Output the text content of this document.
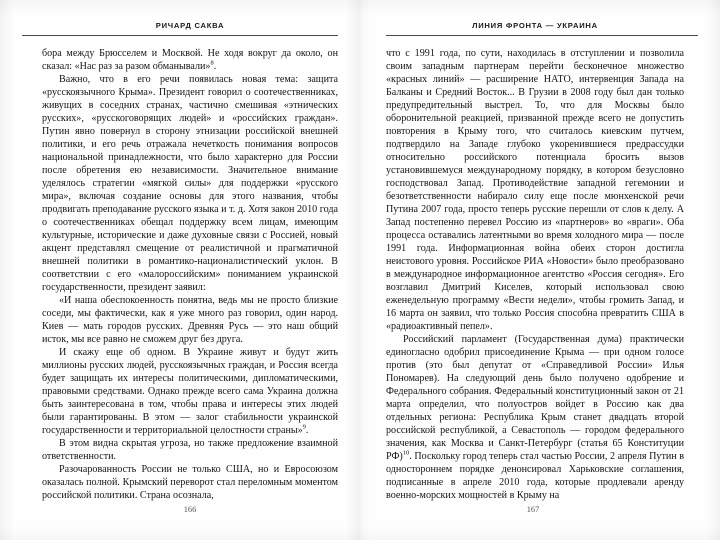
РИЧАРД САКВА

бора между Брюсселем и Москвой. Не ходя вокруг да около, он сказал: «Нас раз за разом обманывали»$^8$.

Важно, что в его речи появилась новая тема: защита «русскоязычного Крыма». Президент говорил о соотечественниках, живущих в соседних странах, частично смешивая «этнических русских», «русскоговорящих людей» и «российских граждан». Путин явно повернул в сторону этнизации российской внешней политики, и его речь отражала нечеткость понимания вопросов национальной принадлежности, что было характерно для России после обретения ею независимости. Значительное внимание уделялось стратегии «мягкой силы» для поддержки «русского мира», включая создание основы для этого названия, чтобы продвигать преподавание русского языка и т. д. Хотя закон 2010 года о соотечественниках обещал поддержку всем лицам, имеющим культурные, исторические и даже духовные связи с Россией, новый акцент представлял смещение от реалистичной и прагматичной внешней политики в романтико-националистический уклон. В соответствии с его «малороссийским» пониманием украинской государственности, президент заявил:

«И наша обеспокоенность понятна, ведь мы не просто близкие соседи, мы фактически, как я уже много раз говорил, один народ. Киев — мать городов русских. Древняя Русь — это наш общий исток, мы все равно не сможем друг без друга.

И скажу еще об одном. В Украине живут и будут жить миллионы русских людей, русскоязычных граждан, и Россия всегда будет защищать их интересы политическими, дипломатическими, правовыми средствами. Однако прежде всего сама Украина должна быть заинтересована в том, чтобы права и интересы этих людей были гарантированы. В этом — залог стабильности украинской государственности и территориальной целостности страны»$^9$.

В этом видна скрытая угроза, но также предложение взаимной ответственности.

Разочарованность России не только США, но и Евросоюзом оказалась полной. Крымский переворот стал переломным моментом российской политики. Страна осознала,

166
ЛИНИЯ ФРОНТА — УКРАИНА

что с 1991 года, по сути, находилась в отступлении и позволила своим западным партнерам перейти бесконечное множество «красных линий» — расширение НАТО, интервенция Запада на Балканы и Средний Восток... В Грузии в 2008 году был дан только предупредительный выстрел. То, что для Москвы было оборонительной реакцией, призванной прежде всего не допустить повторения в Крыму того, что считалось киевским путчем, подтвердило на Западе глубоко укоренившиеся предрассудки относительно российского потенциала бросить вызов установившемуся международному порядку, в котором безусловно господствовал Запад. Противодействие западной гегемонии и безответственности набирало силу еще после мюнхенской речи Путина 2007 года, просто теперь русские перешли от слов к делу. А Запад постепенно перевел Россию из «партнеров» во «враги». Оба процесса оставались латентными во время холодного мира — после 1991 года. Информационная война обеих сторон достигла неистового уровня. Российское РИА «Новости» было преобразовано в международное информационное агентство «Россия сегодня». Его возглавил Дмитрий Киселев, который использовал свою еженедельную программу «Вести недели», чтобы громить Запад, и 16 марта он заявил, что только Россия способна превратить США в «радиоактивный пепел».

Российский парламент (Государственная дума) практически единогласно одобрил присоединение Крыма — при одном голосе против (это был депутат от «Справедливой России» Илья Пономарев). На следующий день было получено одобрение и Федерального собрания. Федеральный конституционный закон от 21 марта определил, что полуостров войдет в Россию как два отдельных региона: Республика Крым станет двадцать второй российской республикой, а Севастополь — городом федерального значения, как Москва и Санкт-Петербург (статья 65 Конституции РФ)$^{10}$. Поскольку город теперь стал частью России, 2 апреля Путин в одностороннем порядке денонсировал Харьковские соглашения, подписанные в апреле 2010 года, которые продлевали аренду военно-морских мощностей в Крыму на

167
